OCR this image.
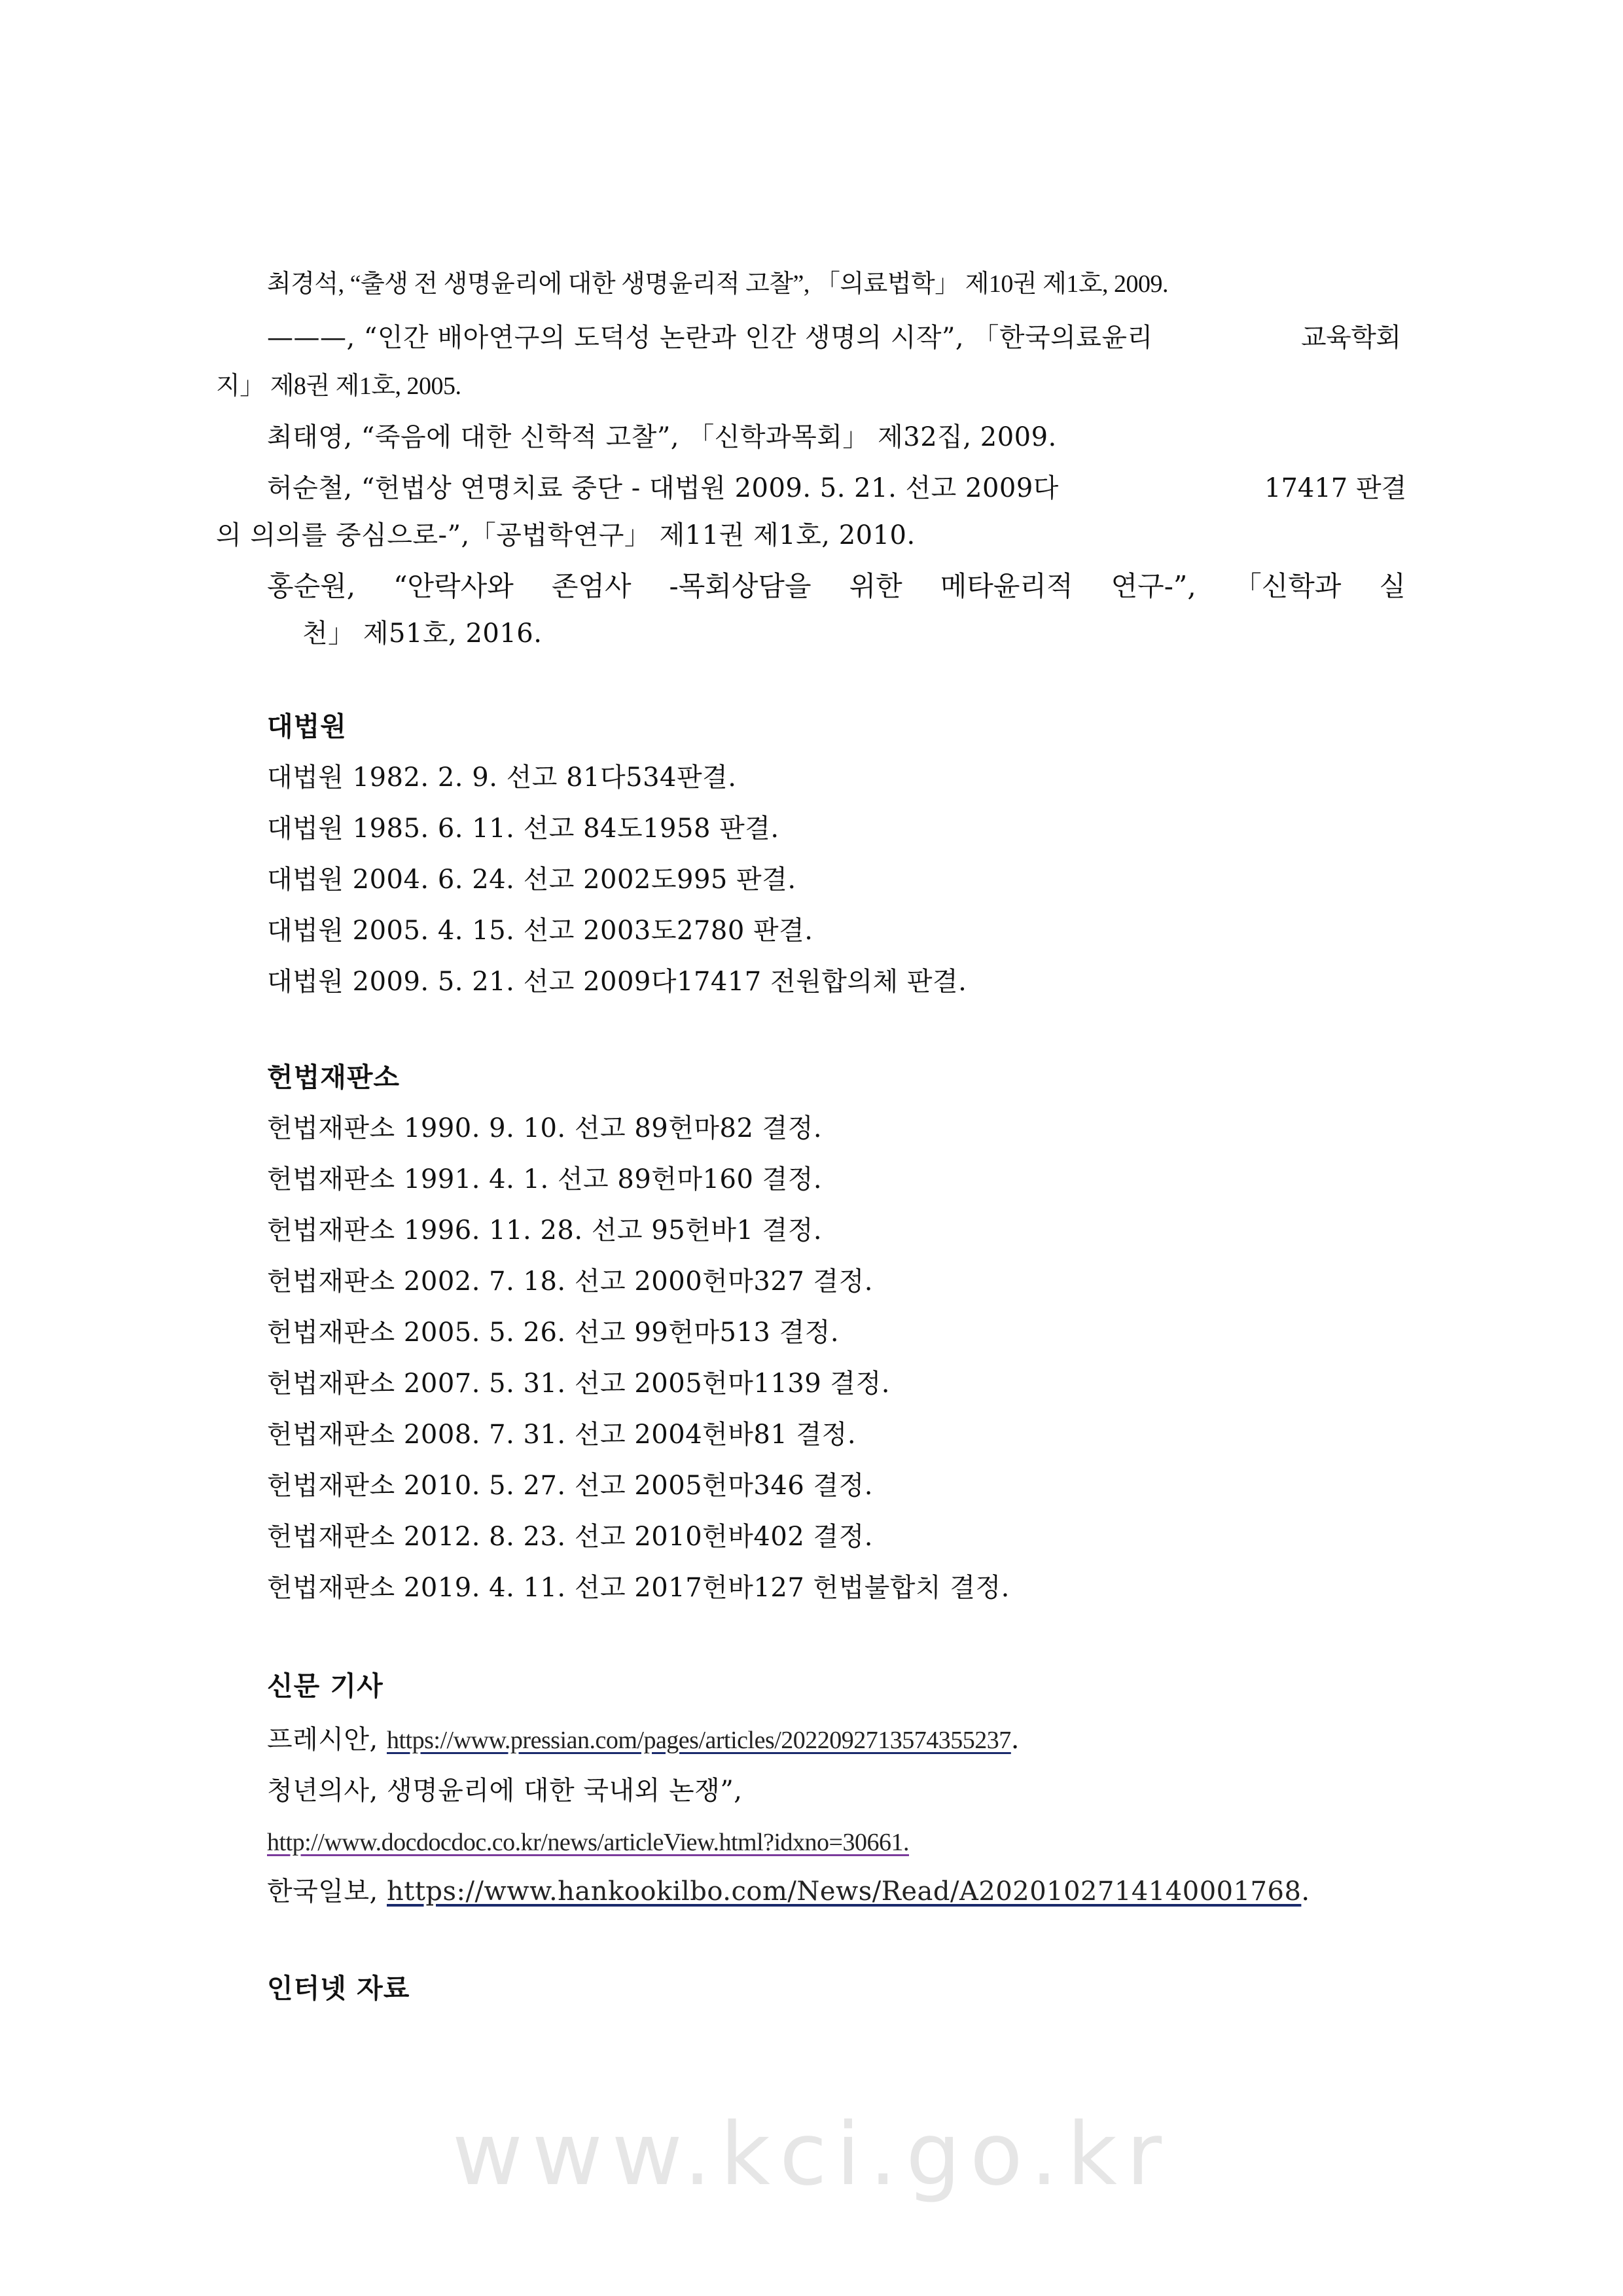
최경석, “출생 전 생명윤리에 대한 생명윤리적 고찰”, 「의료법학」 제10권 제1호, 2009.
———, “인간 배아연구의 도덕성 논란과 인간 생명의 시작”, 「한국의료윤리	교육학회
지」 제8권 제1호, 2005.
최태영, “죽음에 대한 신학적 고찰”, 「신학과목회」 제32집, 2009.
허순철, “헌법상 연명치료 중단 - 대법원 2009. 5. 21. 선고 2009다	17417 판결
의 의의를 중심으로-”,「공법학연구」 제11권 제1호, 2010.
홍순원, “안락사와 존엄사 -목회상담을 위한 메타윤리적 연구-”, 「신학과 실
천」 제51호, 2016.
대법원
대법원 1982. 2. 9. 선고 81다534판결.
대법원 1985. 6. 11. 선고 84도1958 판결.
대법원 2004. 6. 24. 선고 2002도995 판결.
대법원 2005. 4. 15. 선고 2003도2780 판결.
대법원 2009. 5. 21. 선고 2009다17417 전원합의체 판결.
헌법재판소
헌법재판소 1990. 9. 10. 선고 89헌마82 결정.
헌법재판소 1991. 4. 1. 선고 89헌마160 결정.
헌법재판소 1996. 11. 28. 선고 95헌바1 결정.
헌법재판소 2002. 7. 18. 선고 2000헌마327 결정.
헌법재판소 2005. 5. 26. 선고 99헌마513 결정.
헌법재판소 2007. 5. 31. 선고 2005헌마1139 결정.
헌법재판소 2008. 7. 31. 선고 2004헌바81 결정.
헌법재판소 2010. 5. 27. 선고 2005헌마346 결정.
헌법재판소 2012. 8. 23. 선고 2010헌바402 결정.
헌법재판소 2019. 4. 11. 선고 2017헌바127 헌법불합치 결정.
신문 기사
프레시안, https://www.pressian.com/pages/articles/2022092713574355237.
청년의사, 생명윤리에 대한 국내외 논쟁”,
http://www.docdocdoc.co.kr/news/articleView.html?idxno=30661.
한국일보, https://www.hankookilbo.com/News/Read/A2020102714140001768.
인터넷 자료
www.kci.go.kr
